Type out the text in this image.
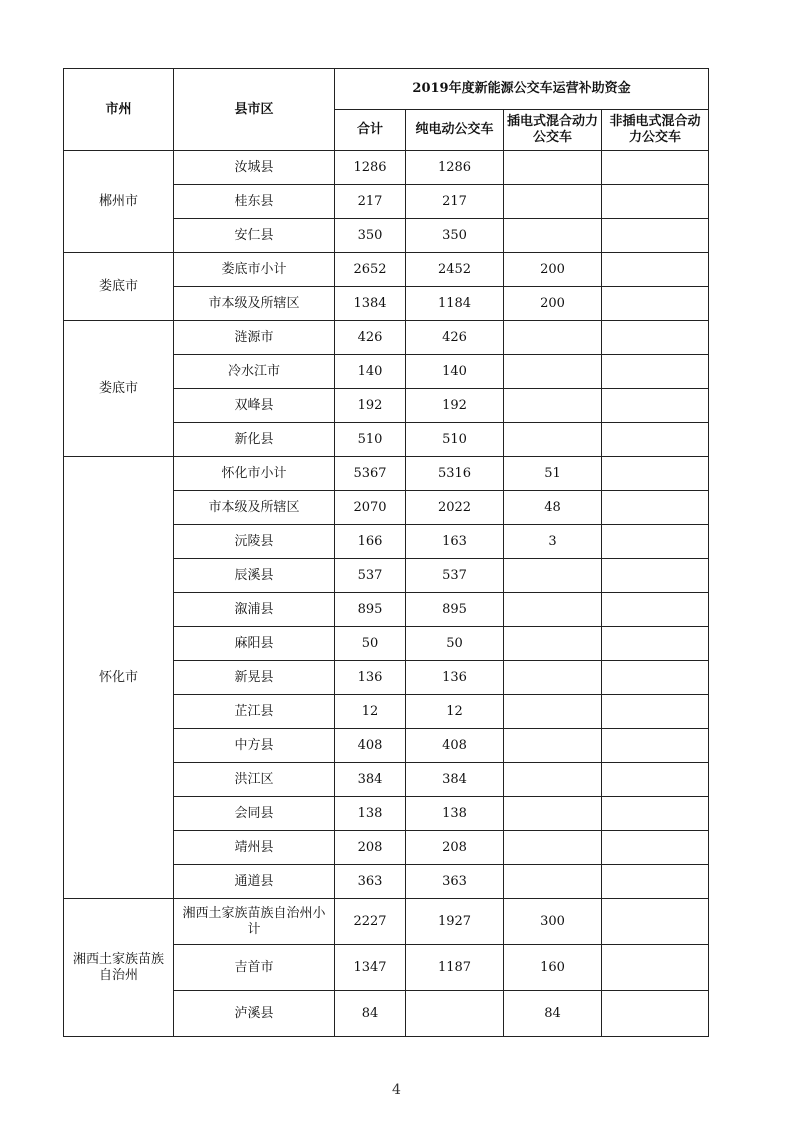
市州	县市区	2019年度新能源公交车运营补助资金			
		合计	纯电动公交车	插电式混合动力公交车	非插电式混合动力公交车
郴州市	汝城县	1286	1286		
	桂东县	217	217		
	安仁县	350	350		
娄底市	娄底市小计	2652	2452	200	
	市本级及所辖区	1384	1184	200	
娄底市	涟源市	426	426		
	冷水江市	140	140		
	双峰县	192	192		
	新化县	510	510		
怀化市	怀化市小计	5367	5316	51	
	市本级及所辖区	2070	2022	48	
	沅陵县	166	163	3	
	辰溪县	537	537		
	溆浦县	895	895		
	麻阳县	50	50		
	新晃县	136	136		
	芷江县	12	12		
	中方县	408	408		
	洪江区	384	384		
	会同县	138	138		
	靖州县	208	208		
	通道县	363	363		
湘西土家族苗族自治州	湘西土家族苗族自治州小计	2227	1927	300	
	吉首市	1347	1187	160	
	泸溪县	84		84	
4
